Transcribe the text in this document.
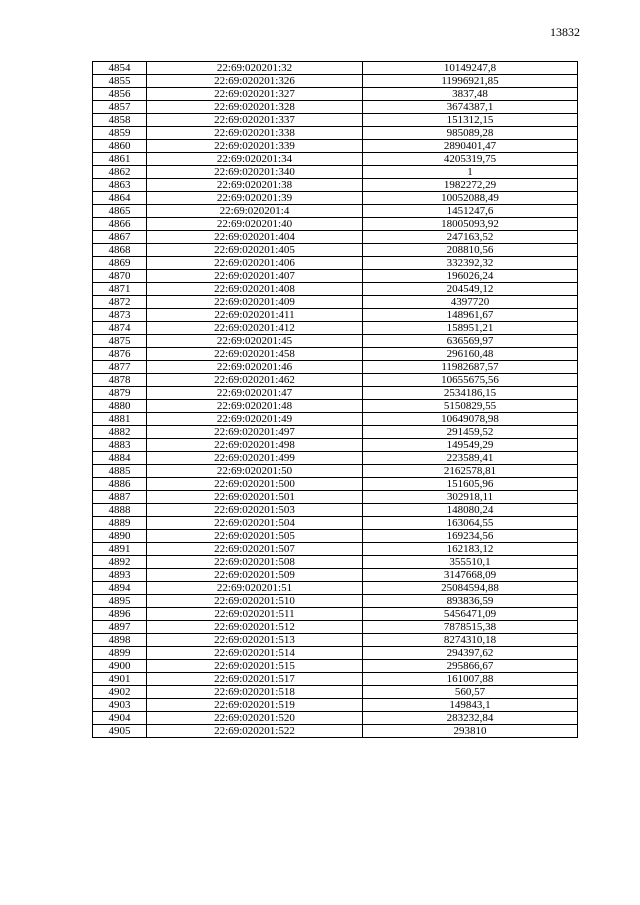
13832
4854	22:69:020201:32	10149247,8
4855	22:69:020201:326	11996921,85
4856	22:69:020201:327	3837,48
4857	22:69:020201:328	3674387,1
4858	22:69:020201:337	151312,15
4859	22:69:020201:338	985089,28
4860	22:69:020201:339	2890401,47
4861	22:69:020201:34	4205319,75
4862	22:69:020201:340	1
4863	22:69:020201:38	1982272,29
4864	22:69:020201:39	10052088,49
4865	22:69:020201:4	1451247,6
4866	22:69:020201:40	18005093,92
4867	22:69:020201:404	247163,52
4868	22:69:020201:405	208810,56
4869	22:69:020201:406	332392,32
4870	22:69:020201:407	196026,24
4871	22:69:020201:408	204549,12
4872	22:69:020201:409	4397720
4873	22:69:020201:411	148961,67
4874	22:69:020201:412	158951,21
4875	22:69:020201:45	636569,97
4876	22:69:020201:458	296160,48
4877	22:69:020201:46	11982687,57
4878	22:69:020201:462	10655675,56
4879	22:69:020201:47	2534186,15
4880	22:69:020201:48	5150829,55
4881	22:69:020201:49	10649078,98
4882	22:69:020201:497	291459,52
4883	22:69:020201:498	149549,29
4884	22:69:020201:499	223589,41
4885	22:69:020201:50	2162578,81
4886	22:69:020201:500	151605,96
4887	22:69:020201:501	302918,11
4888	22:69:020201:503	148080,24
4889	22:69:020201:504	163064,55
4890	22:69:020201:505	169234,56
4891	22:69:020201:507	162183,12
4892	22:69:020201:508	355510,1
4893	22:69:020201:509	3147668,09
4894	22:69:020201:51	25084594,88
4895	22:69:020201:510	893836,59
4896	22:69:020201:511	5456471,09
4897	22:69:020201:512	7878515,38
4898	22:69:020201:513	8274310,18
4899	22:69:020201:514	294397,62
4900	22:69:020201:515	295866,67
4901	22:69:020201:517	161007,88
4902	22:69:020201:518	560,57
4903	22:69:020201:519	149843,1
4904	22:69:020201:520	283232,84
4905	22:69:020201:522	293810
